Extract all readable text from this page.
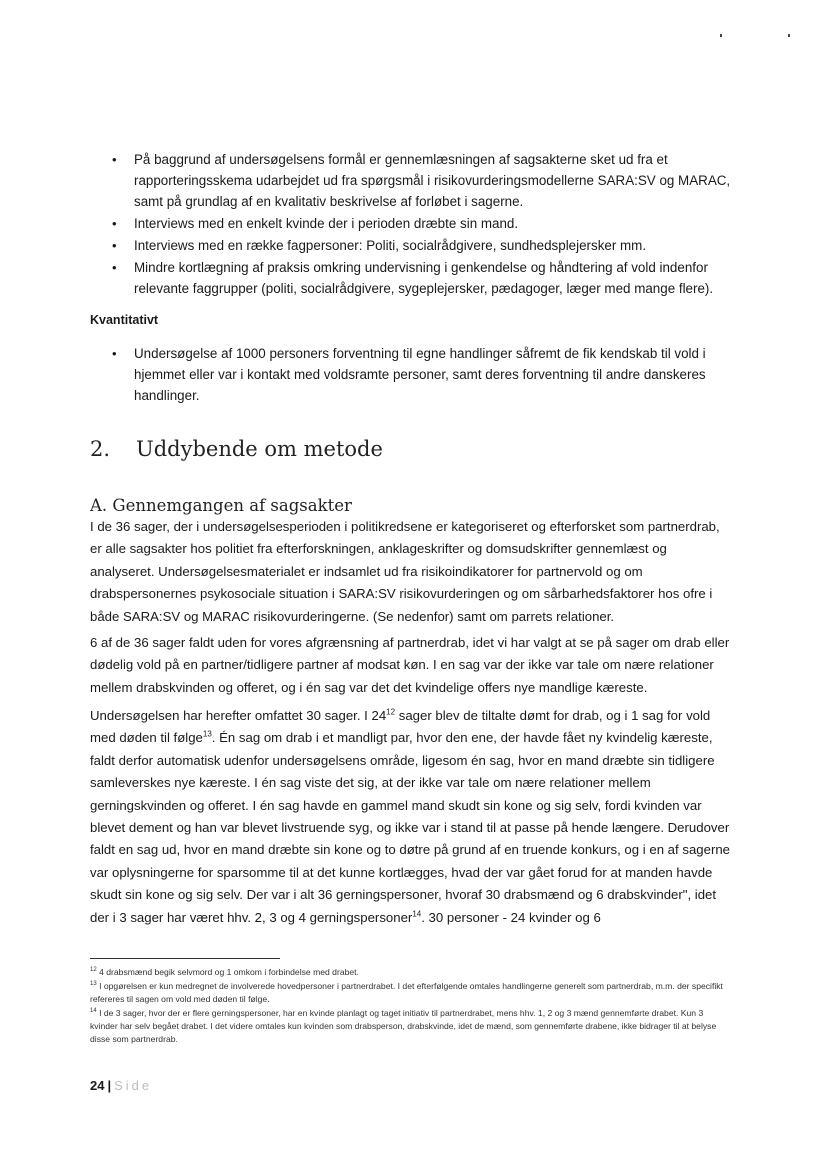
• På baggrund af undersøgelsens formål er gennemlæsningen af sagsakterne sket ud fra et rapporteringsskema udarbejdet ud fra spørgsmål i risikovurderingsmodellerne SARA:SV og MARAC, samt på grundlag af en kvalitativ beskrivelse af forløbet i sagerne.
• Interviews med en enkelt kvinde der i perioden dræbte sin mand.
• Interviews med en række fagpersoner: Politi, socialrådgivere, sundhedsplejersker mm.
• Mindre kortlægning af praksis omkring undervisning i genkendelse og håndtering af vold indenfor relevante faggrupper (politi, socialrådgivere, sygeplejersker, pædagoger, læger med mange flere).
Kvantitativt
• Undersøgelse af 1000 personers forventning til egne handlinger såfremt de fik kendskab til vold i hjemmet eller var i kontakt med voldsramte personer, samt deres forventning til andre danskeres handlinger.
2. Uddybende om metode
A. Gennemgangen af sagsakter

I de 36 sager, der i undersøgelsesperioden i politikredsene er kategoriseret og efterforsket som partnerdrab, er alle sagsakter hos politiet fra efterforskningen, anklageskrifter og domsudskrifter gennemlæst og analyseret. Undersøgelsesmaterialet er indsamlet ud fra risikoindikatorer for partnervold og om drabspersonernes psykosociale situation i SARA:SV risikovurderingen og om sårbarhedsfaktorer hos ofre i både SARA:SV og MARAC risikovurderingerne. (Se nedenfor) samt om parrets relationer.

6 af de 36 sager faldt uden for vores afgrænsning af partnerdrab, idet vi har valgt at se på sager om drab eller dødelig vold på en partner/tidligere partner af modsat køn. I en sag var der ikke var tale om nære relationer mellem drabskvinden og offeret, og i én sag var det det kvindelige offers nye mandlige kæreste.

Undersøgelsen har herefter omfattet 30 sager. I $24^{12}$ sager blev de tiltalte dømt for drab, og i 1 sag for vold med døden til følge$^{13}$. Én sag om drab i et mandligt par, hvor den ene, der havde fået ny kvindelig kæreste, faldt derfor automatisk udenfor undersøgelsens område, ligesom én sag, hvor en mand dræbte sin tidligere samleverskes nye kæreste. I én sag viste det sig, at der ikke var tale om nære relationer mellem gerningskvinden og offeret. I én sag havde en gammel mand skudt sin kone og sig selv, fordi kvinden var blevet dement og han var blevet livstruende syg, og ikke var i stand til at passe på hende længere. Derudover faldt en sag ud, hvor en mand dræbte sin kone og to døtre på grund af en truende konkurs, og i en af sagerne var oplysningerne for sparsomme til at det kunne kortlægges, hvad der var gået forud for at manden havde skudt sin kone og sig selv. Der var i alt 36 gerningspersoner, hvoraf 30 drabsmænd og 6 drabskvinder", idet der i 3 sager har været hhv. 2, 3 og 4 gerningspersoner$^{14}$. 30 personer - 24 kvinder og 6

$^{12}$ 4 drabsmænd begik selvmord og 1 omkom i forbindelse med drabet.

$^{13}$ I opgørelsen er kun medregnet de involverede hovedpersoner i partnerdrabet. I det efterfølgende omtales handlingerne generelt som partnerdrab, m.m. der specifikt refereres til sagen om vold med døden til følge.

$^{14}$ I de 3 sager, hvor der er flere gerningspersoner, har en kvinde planlagt og taget initiativ til partnerdrabet, mens hhv. 1, 2 og 3 mænd gennemførte drabet. Kun 3 kvinder har selv begået drabet. I det videre omtales kun kvinden som drabsperson, drabskvinde, idet de mænd, som gennemførte drabene, ikke bidrager til at belyse disse som partnerdrab.

24 | Side
